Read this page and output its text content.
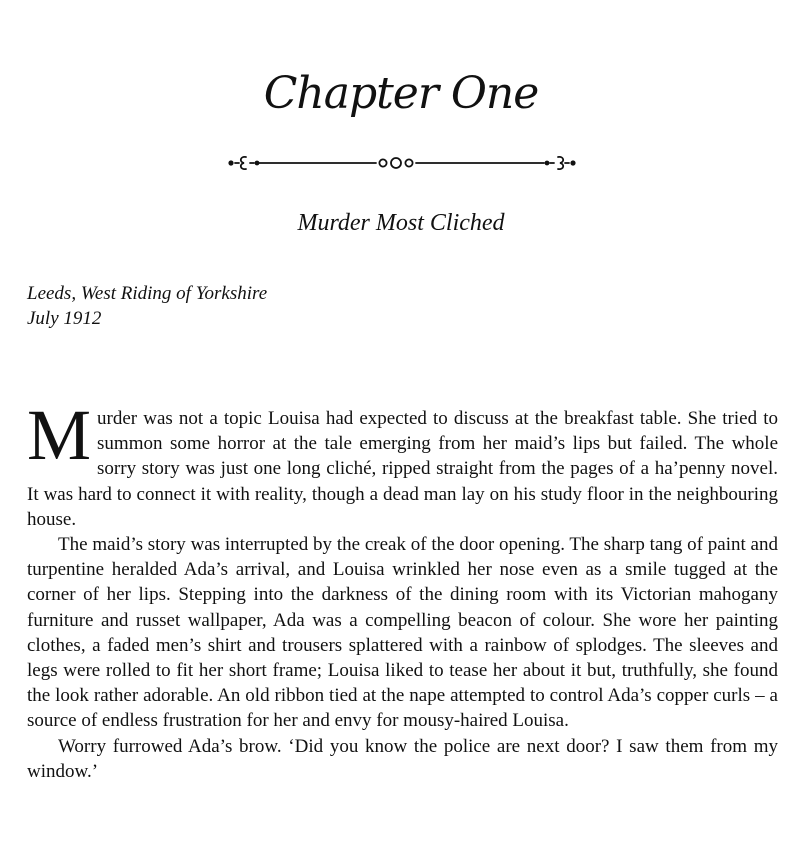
Chapter One
Murder Most Cliched
Leeds, West Riding of Yorkshire
July 1912

Murder was not a topic Louisa had expected to discuss at the breakfast table. She tried to summon some horror at the tale emerging from her maid’s lips but failed. The whole sorry story was just one long cliché, ripped straight from the pages of a ha’penny novel. It was hard to connect it with reality, though a dead man lay on his study floor in the neighbouring house.

The maid’s story was interrupted by the creak of the door opening. The sharp tang of paint and turpentine heralded Ada’s arrival, and Louisa wrinkled her nose even as a smile tugged at the corner of her lips. Stepping into the darkness of the dining room with its Victorian mahogany furniture and russet wallpaper, Ada was a compelling beacon of colour. She wore her painting clothes, a faded men’s shirt and trousers splattered with a rainbow of splodges. The sleeves and legs were rolled to fit her short frame; Louisa liked to tease her about it but, truthfully, she found the look rather adorable. An old ribbon tied at the nape attempted to control Ada’s copper curls – a source of endless frustration for her and envy for mousy-haired Louisa.

Worry furrowed Ada’s brow. ‘Did you know the police are next door? I saw them from my window.’
